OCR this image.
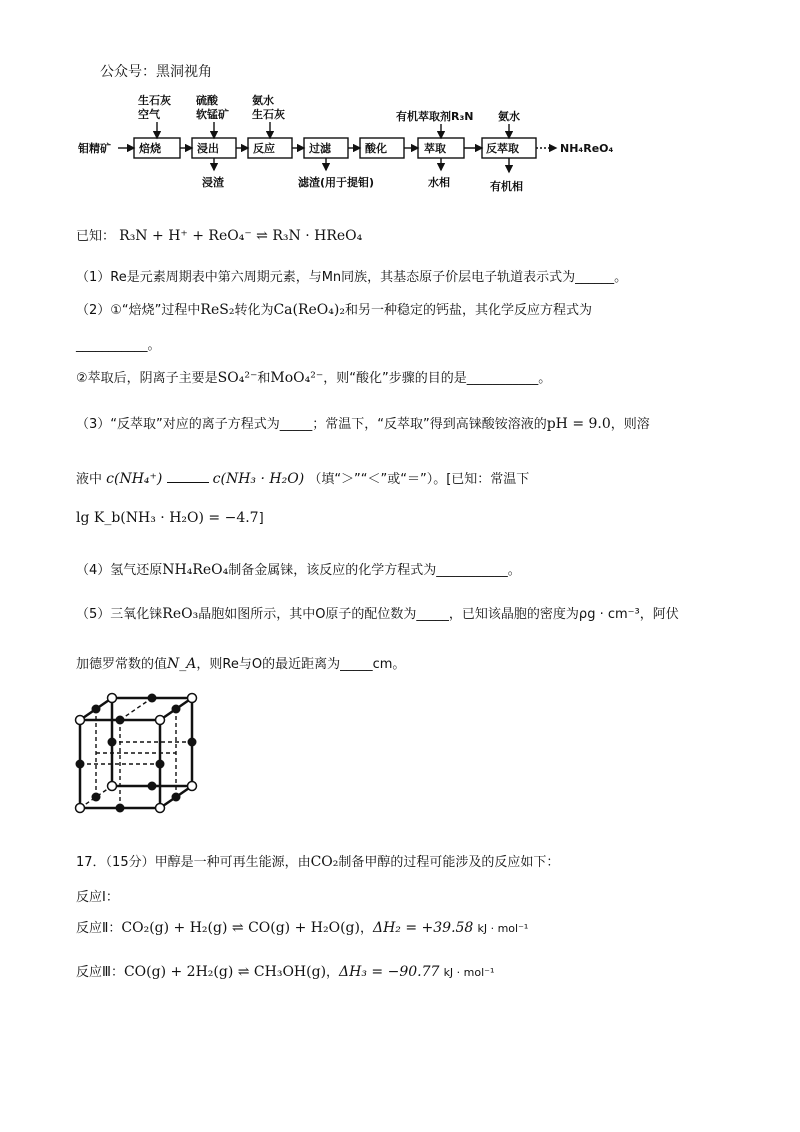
公众号：黑洞视角
钼精矿	焙烧	浸出	反应	过滤	酸化	萃取	反萃取	NH₄ReO₄
生石灰空气
硫酸软锰矿
氨水生石灰	有机萃取剂R₃N 氨水
浸渣	滤渣(用于提钼)	水相	有机相
已知： R₃N + H⁺ + ReO₄⁻ ⇌ R₃N · HReO₄
（1）Re是元素周期表中第六周期元素，与Mn同族，其基态原子价层电子轨道表示式为______。
（2）①“焙烧”过程中ReS₂转化为Ca(ReO₄)₂和另一种稳定的钙盐，其化学反应方程式为
___________。
②萃取后，阴离子主要是SO₄²⁻和MoO₄²⁻，则“酸化”步骤的目的是___________。
（3）“反萃取”对应的离子方程式为_____；常温下，“反萃取”得到高铼酸铵溶液的pH = 9.0，则溶
液中 c(NH₄⁺)	c(NH₃ · H₂O) （填“＞”“＜”或“＝”）。[已知：常温下
lg K_b(NH₃ · H₂O) = −4.7]
（4）氢气还原NH₄ReO₄制备金属铼，该反应的化学方程式为___________。
（5）三氧化铼ReO₃晶胞如图所示，其中O原子的配位数为_____，已知该晶胞的密度为ρg · cm⁻³，阿伏
加德罗常数的值N_A，则Re与O的最近距离为_____cm。
17．（15分）甲醇是一种可再生能源，由CO₂制备甲醇的过程可能涉及的反应如下：
反应Ⅰ：
反应Ⅱ：CO₂(g) + H₂(g) ⇌ CO(g) + H₂O(g)，ΔH₂ = +39.58 kJ · mol⁻¹
反应Ⅲ：CO(g) + 2H₂(g) ⇌ CH₃OH(g)，ΔH₃ = −90.77 kJ · mol⁻¹
